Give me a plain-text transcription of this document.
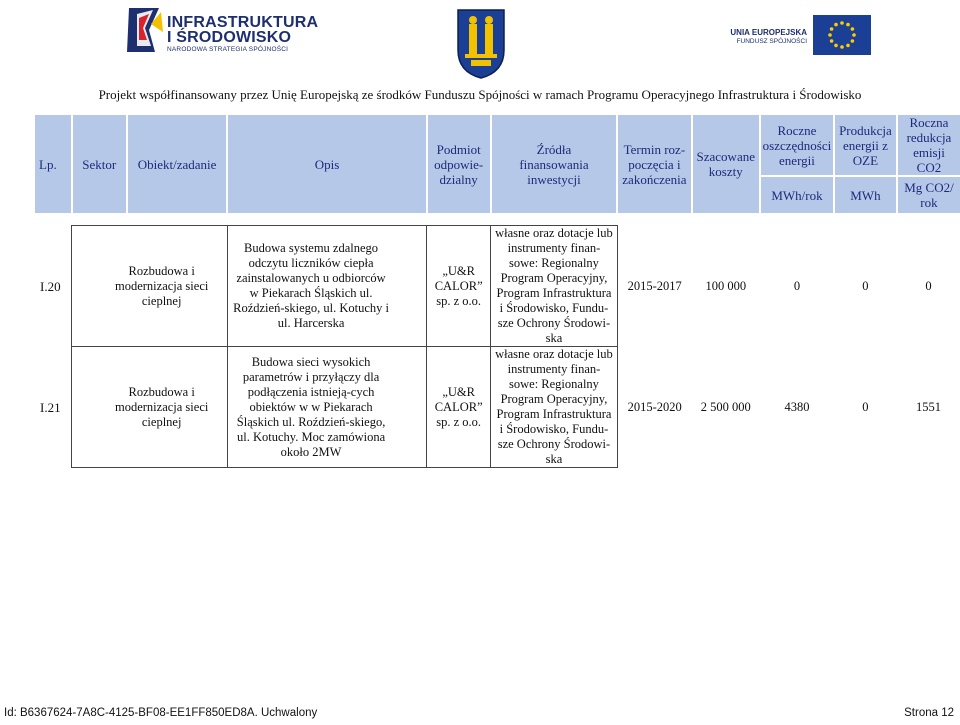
INFRASTRUKTURA
I ŚRODOWISKO
NARODOWA STRATEGIA SPÓJNOŚCI
UNIA EUROPEJSKA
FUNDUSZ SPÓJNOŚCI
Projekt współfinansowany przez Unię Europejską ze środków Funduszu Spójności w ramach Programu Operacyjnego Infrastruktura i Środowisko
Lp.	Sektor	Obiekt/zadanie	Opis	Podmiot odpowie-dzialny	Źródła finansowania inwestycji	Termin roz-poczęcia i zakończenia	Szacowane koszty	Roczne oszczędności energii	Produkcja energii z OZE	Roczna redukcja emisji CO2
								MWh/rok	MWh	Mg CO2/ rok

I.20	Rozbudowa i modernizacja sieci cieplnej		Budowa systemu zdalnego odczytu liczników ciepła zainstalowanych u odbiorców w Piekarach Śląskich ul. Roździeń-skiego, ul. Kotuchy i ul. Harcerska	„U&R CALOR” sp. z o.o.	własne oraz dotacje lub instrumenty finan-sowe: Regionalny Program Operacyjny, Program Infrastruktura i Środowisko, Fundu-sze Ochrony Środowi-ska	2015-2017	100 000	0	0	0
I.21	Rozbudowa i modernizacja sieci cieplnej		Budowa sieci wysokich parametrów i przyłączy dla podłączenia istnieją-cych obiektów w w Piekarach Śląskich ul. Roździeń-skiego, ul. Kotuchy. Moc zamówiona około 2MW	„U&R CALOR” sp. z o.o.	własne oraz dotacje lub instrumenty finan-sowe: Regionalny Program Operacyjny, Program Infrastruktura i Środowisko, Fundu-sze Ochrony Środowi-ska	2015-2020	2 500 000	4380	0	1551
Id: B6367624-7A8C-4125-BF08-EE1FF850ED8A. Uchwalony	Strona 12
